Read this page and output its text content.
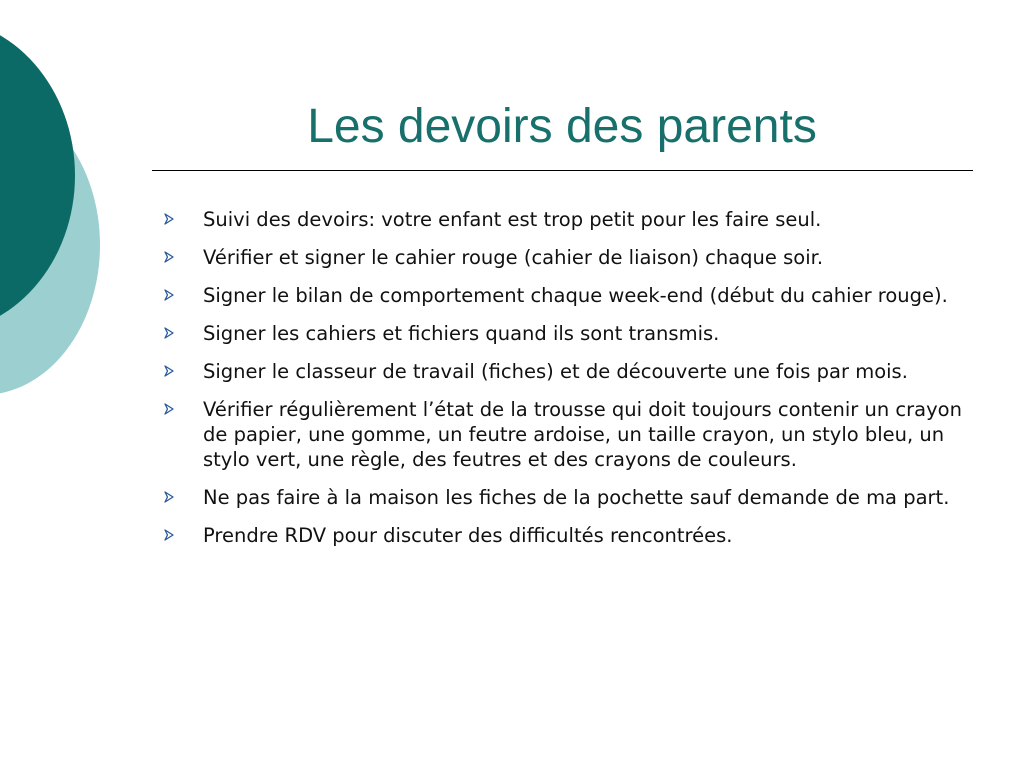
Les devoirs des parents
Suivi des devoirs: votre enfant est trop petit pour les faire seul.
Vérifier et signer le cahier rouge (cahier de liaison) chaque soir.
Signer le bilan de comportement chaque week-end (début du cahier rouge).
Signer les cahiers et fichiers quand ils sont transmis.
Signer le classeur de travail (fiches) et de découverte une fois par mois.
Vérifier régulièrement l’état de la trousse qui doit toujours contenir un crayon de papier, une gomme, un feutre ardoise, un taille crayon, un stylo bleu, un stylo vert, une règle, des feutres et des crayons de couleurs.
Ne pas faire à la maison les fiches de la pochette sauf demande de ma part.
Prendre RDV pour discuter des difficultés rencontrées.
